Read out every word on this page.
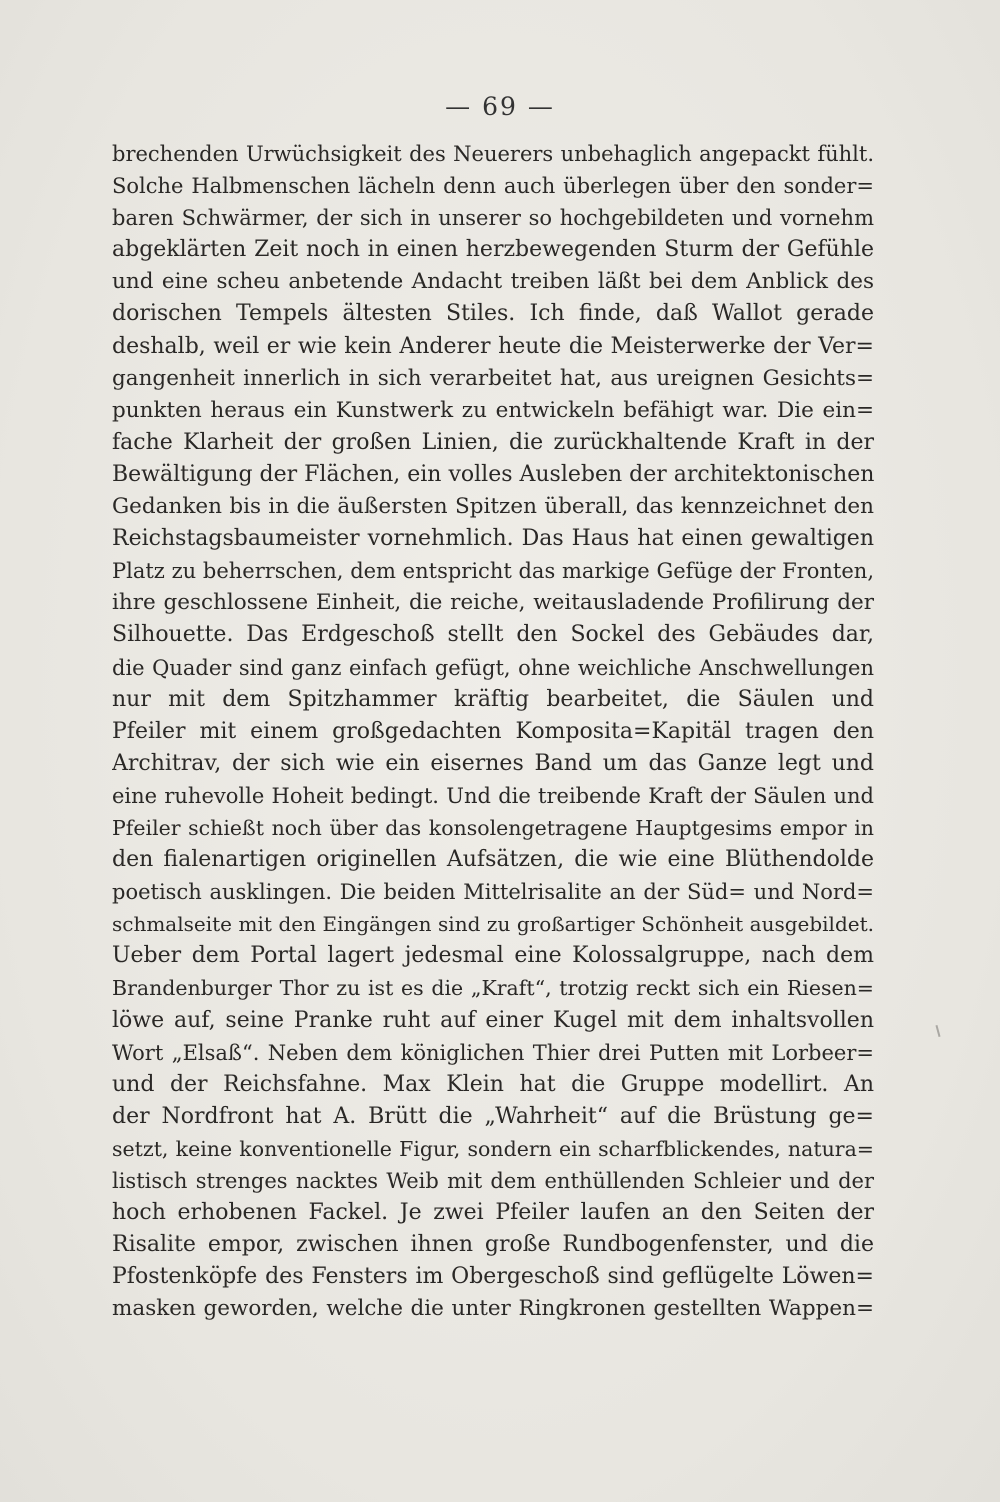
— 69 —
brechenden Urwüchsigkeit des Neuerers unbehaglich angepackt fühlt.
Solche Halbmenschen lächeln denn auch überlegen über den sonder=
baren Schwärmer, der sich in unserer so hochgebildeten und vornehm
abgeklärten Zeit noch in einen herzbewegenden Sturm der Gefühle
und eine scheu anbetende Andacht treiben läßt bei dem Anblick des
dorischen Tempels ältesten Stiles. Ich finde, daß Wallot gerade
deshalb, weil er wie kein Anderer heute die Meisterwerke der Ver=
gangenheit innerlich in sich verarbeitet hat, aus ureignen Gesichts=
punkten heraus ein Kunstwerk zu entwickeln befähigt war. Die ein=
fache Klarheit der großen Linien, die zurückhaltende Kraft in der
Bewältigung der Flächen, ein volles Ausleben der architektonischen
Gedanken bis in die äußersten Spitzen überall, das kennzeichnet den
Reichstagsbaumeister vornehmlich. Das Haus hat einen gewaltigen
Platz zu beherrschen, dem entspricht das markige Gefüge der Fronten,
ihre geschlossene Einheit, die reiche, weitausladende Profilirung der
Silhouette. Das Erdgeschoß stellt den Sockel des Gebäudes dar,
die Quader sind ganz einfach gefügt, ohne weichliche Anschwellungen
nur mit dem Spitzhammer kräftig bearbeitet, die Säulen und
Pfeiler mit einem großgedachten Komposita=Kapitäl tragen den
Architrav, der sich wie ein eisernes Band um das Ganze legt und
eine ruhevolle Hoheit bedingt. Und die treibende Kraft der Säulen und
Pfeiler schießt noch über das konsolengetragene Hauptgesims empor in
den fialenartigen originellen Aufsätzen, die wie eine Blüthendolde
poetisch ausklingen. Die beiden Mittelrisalite an der Süd= und Nord=
schmalseite mit den Eingängen sind zu großartiger Schönheit ausgebildet.
Ueber dem Portal lagert jedesmal eine Kolossalgruppe, nach dem
Brandenburger Thor zu ist es die „Kraft“, trotzig reckt sich ein Riesen=
löwe auf, seine Pranke ruht auf einer Kugel mit dem inhaltsvollen
Wort „Elsaß“. Neben dem königlichen Thier drei Putten mit Lorbeer=
und der Reichsfahne. Max Klein hat die Gruppe modellirt. An
der Nordfront hat A. Brütt die „Wahrheit“ auf die Brüstung ge=
setzt, keine konventionelle Figur, sondern ein scharfblickendes, natura=
listisch strenges nacktes Weib mit dem enthüllenden Schleier und der
hoch erhobenen Fackel. Je zwei Pfeiler laufen an den Seiten der
Risalite empor, zwischen ihnen große Rundbogenfenster, und die
Pfostenköpfe des Fensters im Obergeschoß sind geflügelte Löwen=
masken geworden, welche die unter Ringkronen gestellten Wappen=
